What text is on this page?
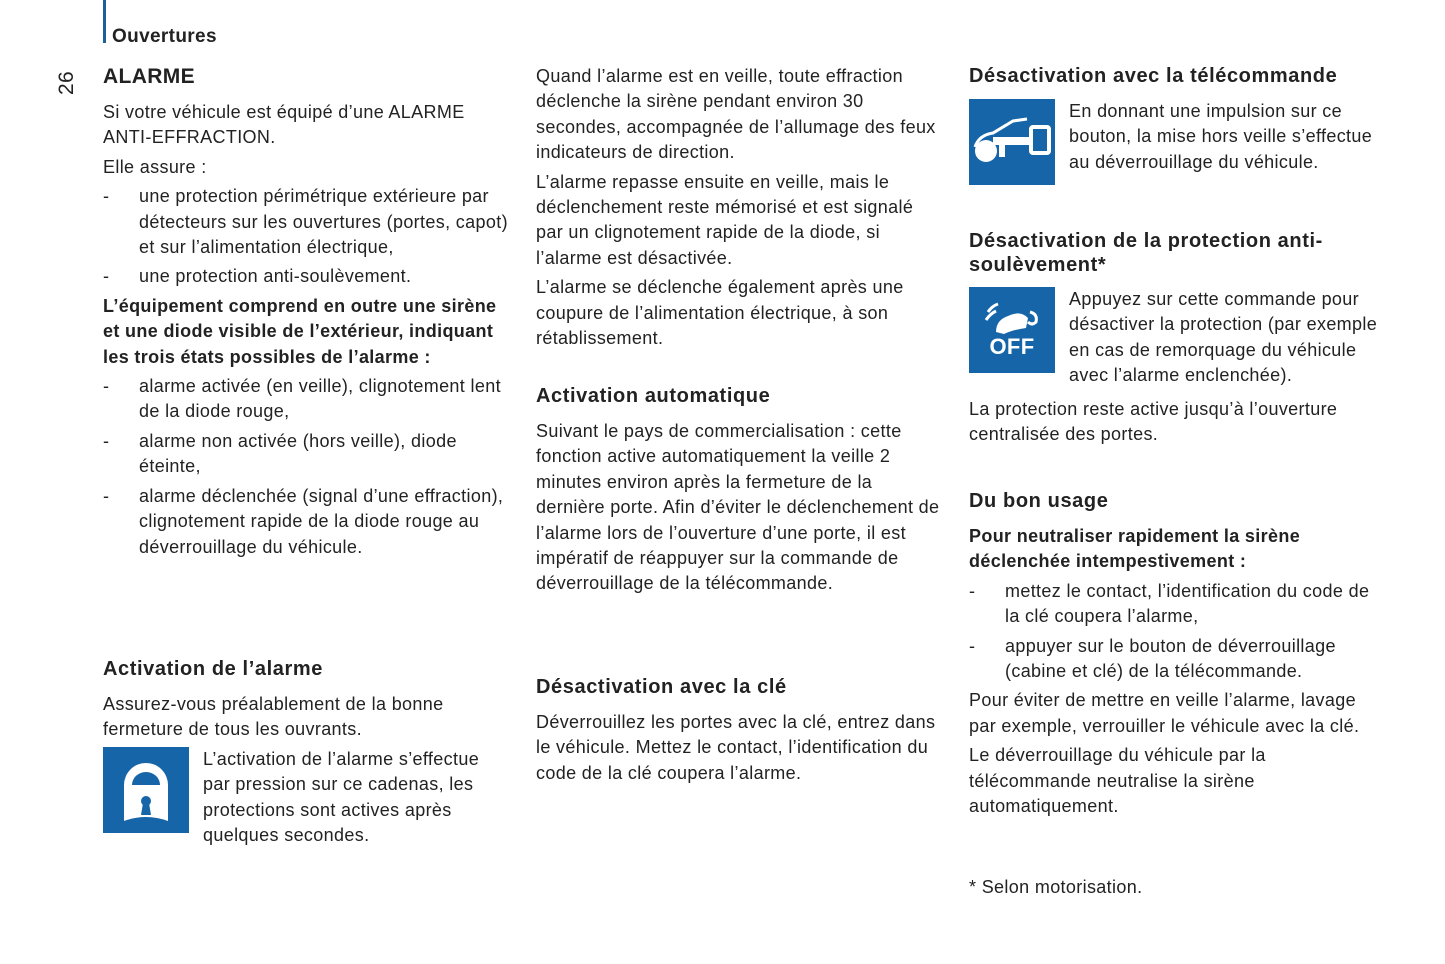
Ouvertures
26 ALARME

Si votre véhicule est équipé d’une ALARME ANTI-EFFRACTION.

Elle assure :

- une protection périmétrique extérieure par détecteurs sur les ouvertures (portes, capot) et sur l’alimentation électrique,
- une protection anti-soulèvement.

L’équipement comprend en outre une sirène et une diode visible de l’extérieur, indiquant les trois états possibles de l’alarme :

- alarme activée (en veille), clignotement lent de la diode rouge,
- alarme non activée (hors veille), diode éteinte,
- alarme déclenchée (signal d’une effraction), clignotement rapide de la diode rouge au déverrouillage du véhicule.
Activation de l’alarme

Assurez-vous préalablement de la bonne fermeture de tous les ouvrants.

L’activation de l’alarme s’effectue par pression sur ce cadenas, les protections sont actives après quelques secondes.

Quand l’alarme est en veille, toute effraction déclenche la sirène pendant environ 30 secondes, accompagnée de l’allumage des feux indicateurs de direction.

L’alarme repasse ensuite en veille, mais le déclenchement reste mémorisé et est signalé par un clignotement rapide de la diode, si l’alarme est désactivée.

L’alarme se déclenche également après une coupure de l’alimentation électrique, à son rétablissement.

Activation automatique

Suivant le pays de commercialisation : cette fonction active automatiquement la veille 2 minutes environ après la fermeture de la dernière porte. Afin d’éviter le déclenchement de l’alarme lors de l’ouverture d’une porte, il est impératif de réappuyer sur la commande de déverrouillage de la télécommande.

Désactivation avec la clé

Déverrouillez les portes avec la clé, entrez dans le véhicule. Mettez le contact, l’identification du code de la clé coupera l’alarme.

Désactivation avec la télécommande

En donnant une impulsion sur ce bouton, la mise hors veille s’effectue au déverrouillage du véhicule.

Désactivation de la protection anti-soulèvement*
OFF

Appuyez sur cette commande pour désactiver la protection (par exemple en cas de remorquage du véhicule avec l’alarme enclenchée).

La protection reste active jusqu’à l’ouverture centralisée des portes.

Du bon usage

Pour neutraliser rapidement la sirène déclenchée intempestivement :

- mettez le contact, l’identification du code de la clé coupera l’alarme,
- appuyer sur le bouton de déverrouillage (cabine et clé) de la télécommande.

Pour éviter de mettre en veille l’alarme, lavage par exemple, verrouiller le véhicule avec la clé.

Le déverrouillage du véhicule par la télécommande neutralise la sirène automatiquement.

* Selon motorisation.
